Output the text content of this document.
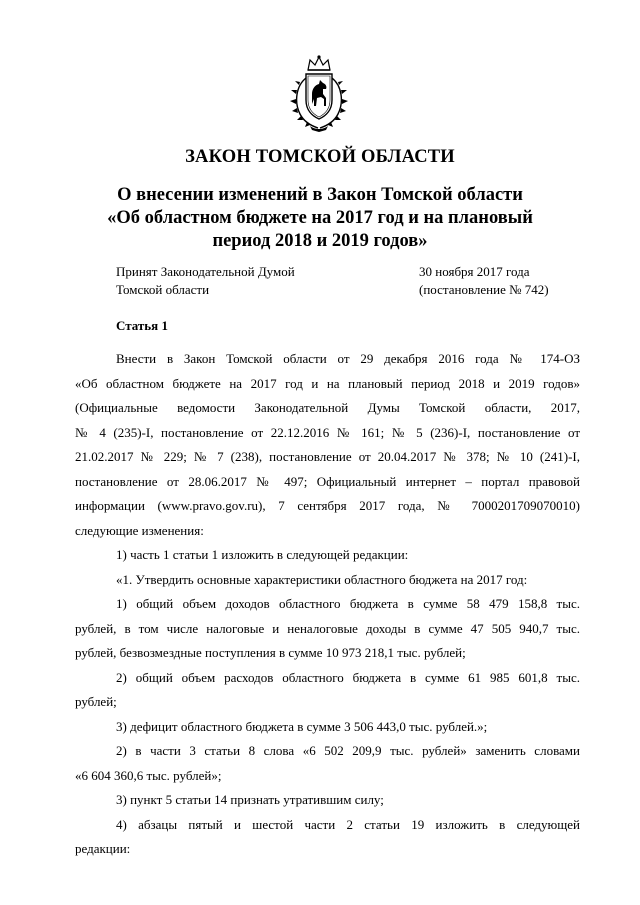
ЗАКОН ТОМСКОЙ ОБЛАСТИ
О внесении изменений в Закон Томской области
«Об областном бюджете на 2017 год и на плановый
период 2018 и 2019 годов»
Принят Законодательной Думой
Томской области
30 ноября 2017 года
(постановление № 742)
Статья 1

Внести в Закон Томской области от 29 декабря 2016 года № 174-ОЗ
«Об областном бюджете на 2017 год и на плановый период 2018 и 2019 годов»
(Официальные ведомости Законодательной Думы Томской области, 2017,
№ 4 (235)-I, постановление от 22.12.2016 № 161; № 5 (236)-I, постановление от
21.02.2017 № 229; № 7 (238), постановление от 20.04.2017 № 378; № 10 (241)-I,
постановление от 28.06.2017 № 497; Официальный интернет – портал правовой
информации (www.pravo.gov.ru), 7 сентября 2017 года, № 7000201709070010)
следующие изменения:

1) часть 1 статьи 1 изложить в следующей редакции:

«1. Утвердить основные характеристики областного бюджета на 2017 год:

1) общий объем доходов областного бюджета в сумме 58 479 158,8 тыс.
рублей, в том числе налоговые и неналоговые доходы в сумме 47 505 940,7 тыс.
рублей, безвозмездные поступления в сумме 10 973 218,1 тыс. рублей;

2) общий объем расходов областного бюджета в сумме 61 985 601,8 тыс.
рублей;

3) дефицит областного бюджета в сумме 3 506 443,0 тыс. рублей.»;

2) в части 3 статьи 8 слова «6 502 209,9 тыс. рублей» заменить словами
«6 604 360,6 тыс. рублей»;

3) пункт 5 статьи 14 признать утратившим силу;

4) абзацы пятый и шестой части 2 статьи 19 изложить в следующей
редакции:
